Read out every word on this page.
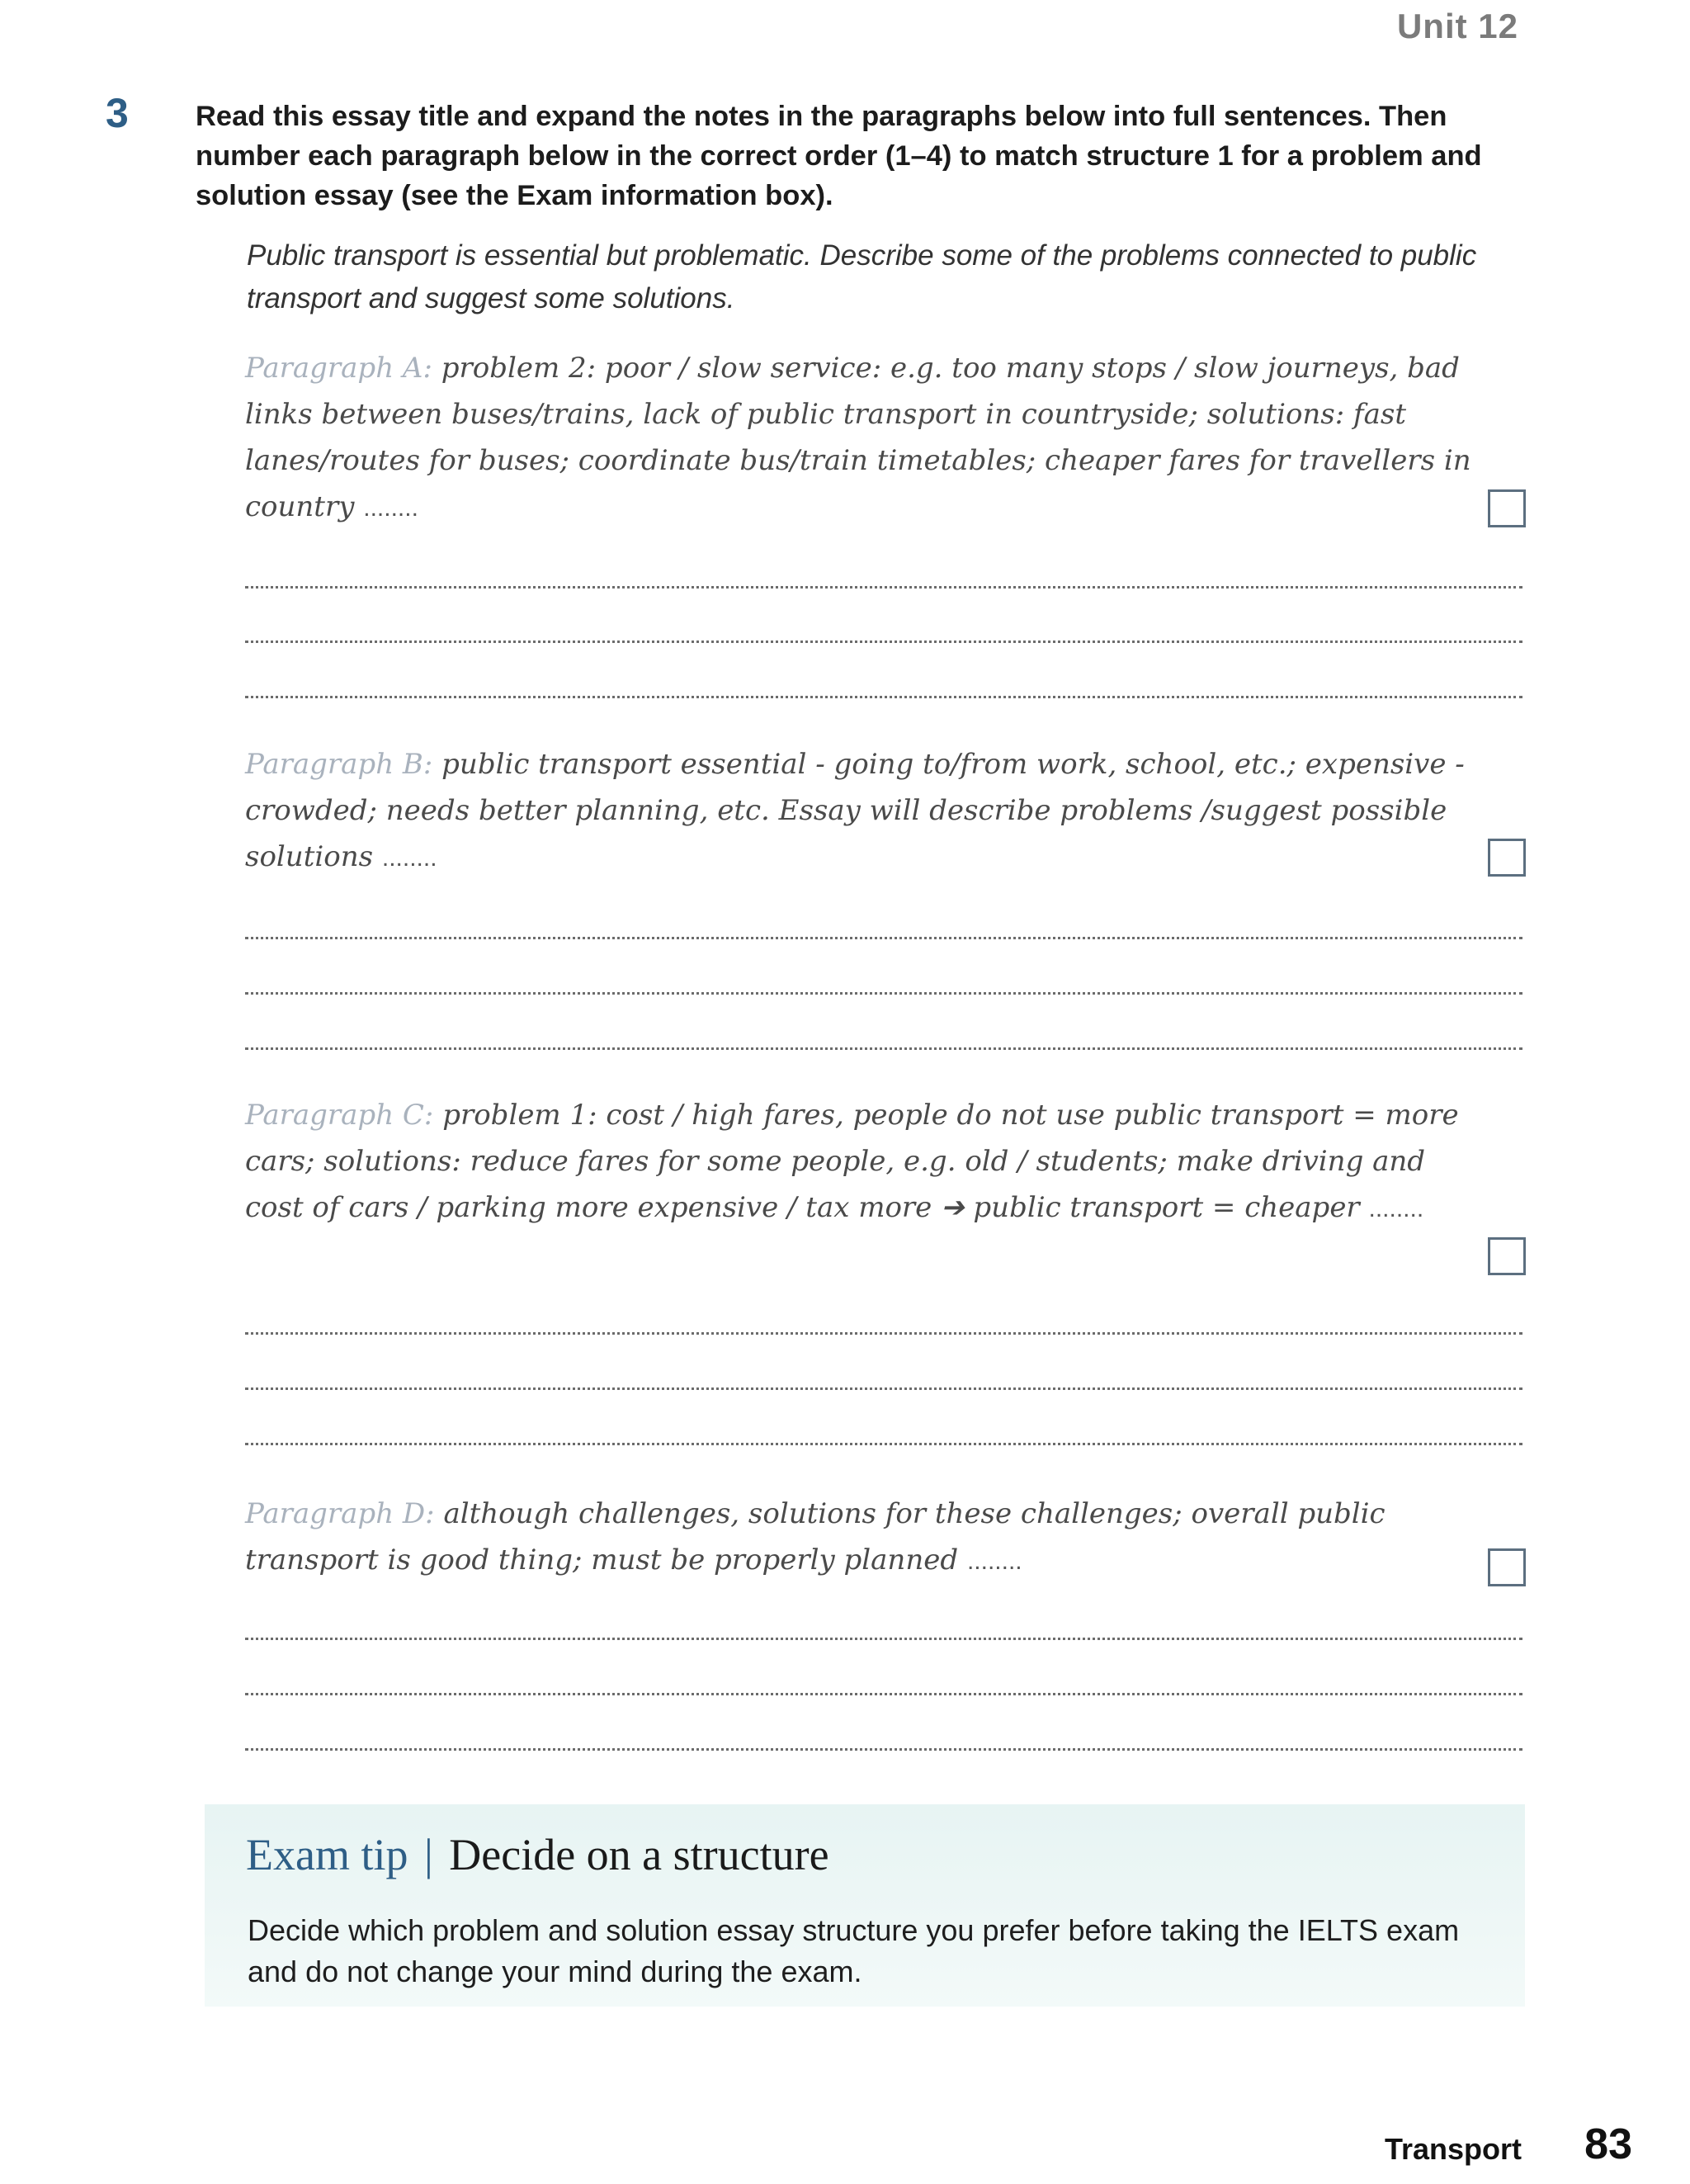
Unit 12
3 Read this essay title and expand the notes in the paragraphs below into full sentences. Then number each paragraph below in the correct order (1–4) to match structure 1 for a problem and solution essay (see the Exam information box).
Public transport is essential but problematic. Describe some of the problems connected to public transport and suggest some solutions.
Paragraph A: problem 2: poor / slow service: e.g. too many stops / slow journeys, bad links between buses/trains, lack of public transport in countryside; solutions: fast lanes/routes for buses; coordinate bus/train timetables; cheaper fares for travellers in country ........
Paragraph B: public transport essential - going to/from work, school, etc.; expensive - crowded; needs better planning, etc. Essay will describe problems /suggest possible solutions ........
Paragraph C: problem 1: cost / high fares, people do not use public transport = more cars; solutions: reduce fares for some people, e.g. old / students; make driving and cost of cars / parking more expensive / tax more ➔ public transport = cheaper ........
Paragraph D: although challenges, solutions for these challenges; overall public transport is good thing; must be properly planned ........
Exam tip | Decide on a structure
Decide which problem and solution essay structure you prefer before taking the IELTS exam and do not change your mind during the exam.
Transport 83
